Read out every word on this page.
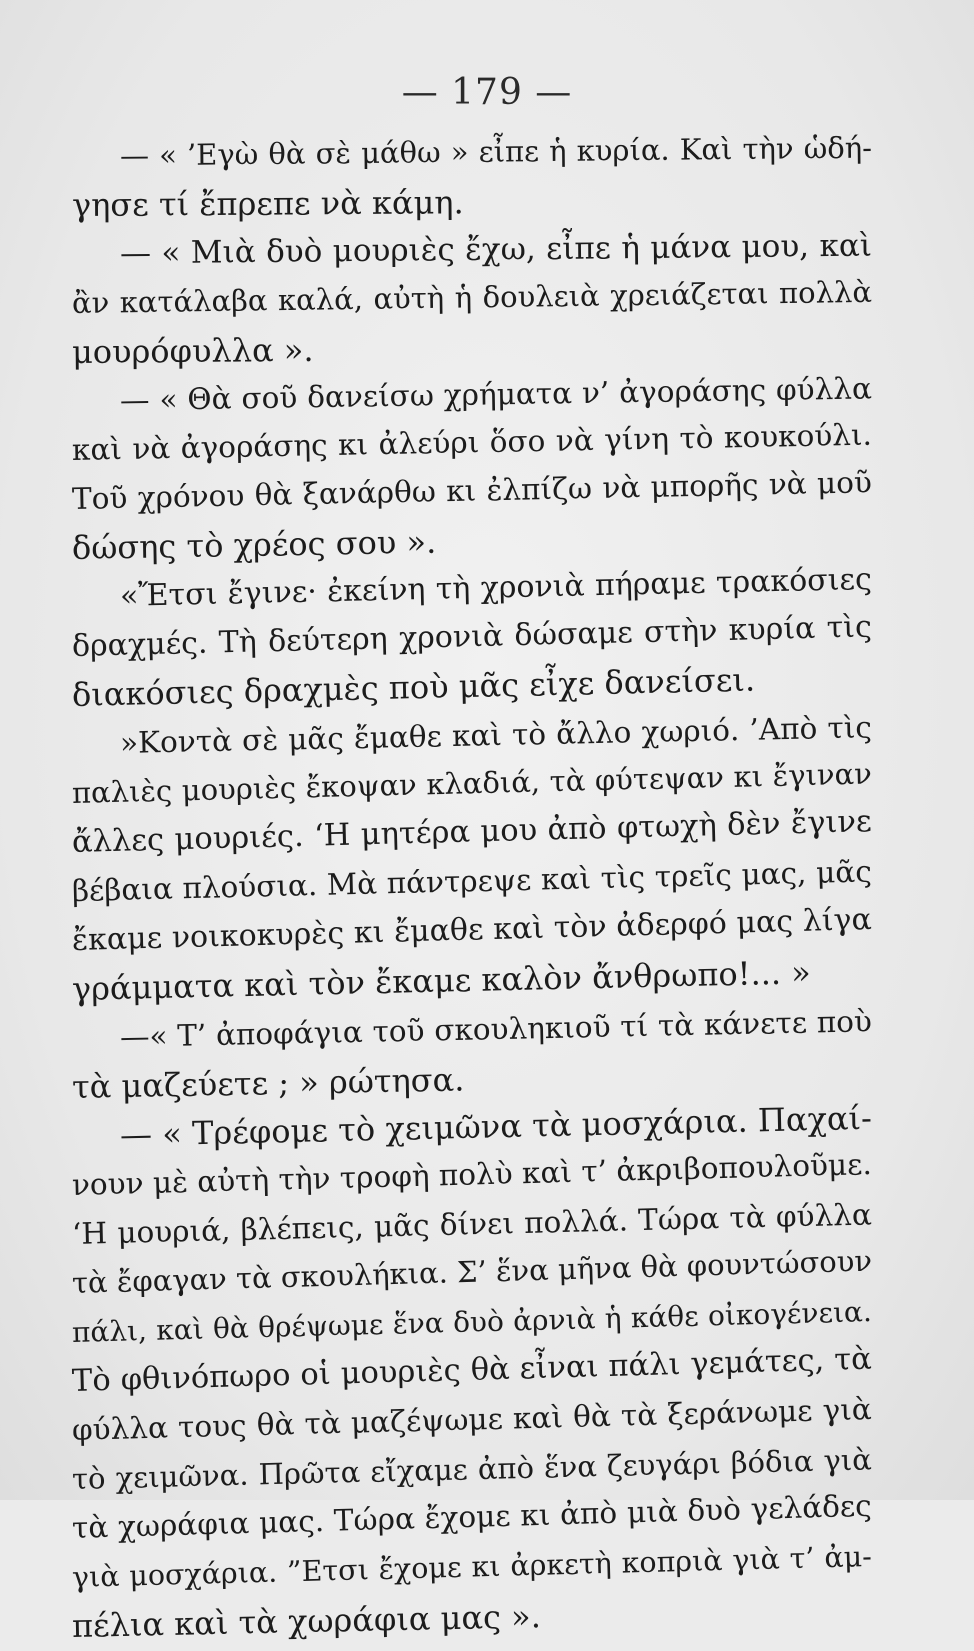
— 179 —
— « ’Εγὼ θὰ σὲ μάθω » εἶπε ἡ κυρία. Καὶ τὴν ὡδή-
γησε τί ἔπρεπε νὰ κάμη.
— « Μιὰ δυὸ μουριὲς ἔχω, εἶπε ἡ μάνα μου, καὶ
ἂν κατάλαβα καλά, αὐτὴ ἡ δουλειὰ χρειάζεται πολλὰ
μουρόφυλλα ».
— « Θὰ σοῦ δανείσω χρήματα ν’ ἀγοράσης φύλλα
καὶ νὰ ἀγοράσης κι ἀλεύρι ὅσο νὰ γίνη τὸ κουκούλι.
Τοῦ χρόνου θὰ ξανάρθω κι ἐλπίζω νὰ μπορῆς νὰ μοῦ
δώσης τὸ χρέος σου ».
«Ἔτσι ἔγινε· ἐκείνη τὴ χρονιὰ πήραμε τρακόσιες
δραχμές. Τὴ δεύτερη χρονιὰ δώσαμε στὴν κυρία τὶς
διακόσιες δραχμὲς ποὺ μᾶς εἶχε δανείσει.
»Κοντὰ σὲ μᾶς ἔμαθε καὶ τὸ ἄλλο χωριό. ’Απὸ τὶς
παλιὲς μουριὲς ἔκοψαν κλαδιά, τὰ φύτεψαν κι ἔγιναν
ἄλλες μουριές. ‘Η μητέρα μου ἀπὸ φτωχὴ δὲν ἔγινε
βέβαια πλούσια. Μὰ πάντρεψε καὶ τὶς τρεῖς μας, μᾶς
ἔκαμε νοικοκυρὲς κι ἔμαθε καὶ τὸν ἀδερφό μας λίγα
γράμματα καὶ τὸν ἔκαμε καλὸν ἄνθρωπο!... »
—« Τ’ ἀποφάγια τοῦ σκουληκιοῦ τί τὰ κάνετε ποὺ
τὰ μαζεύετε ; » ρώτησα.
— « Τρέφομε τὸ χειμῶνα τὰ μοσχάρια. Παχαί-
νουν μὲ αὐτὴ τὴν τροφὴ πολὺ καὶ τ’ ἀκριβοπουλοῦμε.
‘Η μουριά, βλέπεις, μᾶς δίνει πολλά. Τώρα τὰ φύλλα
τὰ ἔφαγαν τὰ σκουλήκια. Σ’ ἕνα μῆνα θὰ φουντώσουν
πάλι, καὶ θὰ θρέψωμε ἕνα δυὸ ἀρνιὰ ἡ κάθε οἰκογένεια.
Τὸ φθινόπωρο οἱ μουριὲς θὰ εἶναι πάλι γεμάτες, τὰ
φύλλα τους θὰ τὰ μαζέψωμε καὶ θὰ τὰ ξεράνωμε γιὰ
τὸ χειμῶνα. Πρῶτα εἴχαμε ἀπὸ ἕνα ζευγάρι βόδια γιὰ
τὰ χωράφια μας. Τώρα ἔχομε κι ἀπὸ μιὰ δυὸ γελάδες
γιὰ μοσχάρια. ”Ετσι ἔχομε κι ἀρκετὴ κοπριὰ γιὰ τ’ ἀμ-
πέλια καὶ τὰ χωράφια μας ».
